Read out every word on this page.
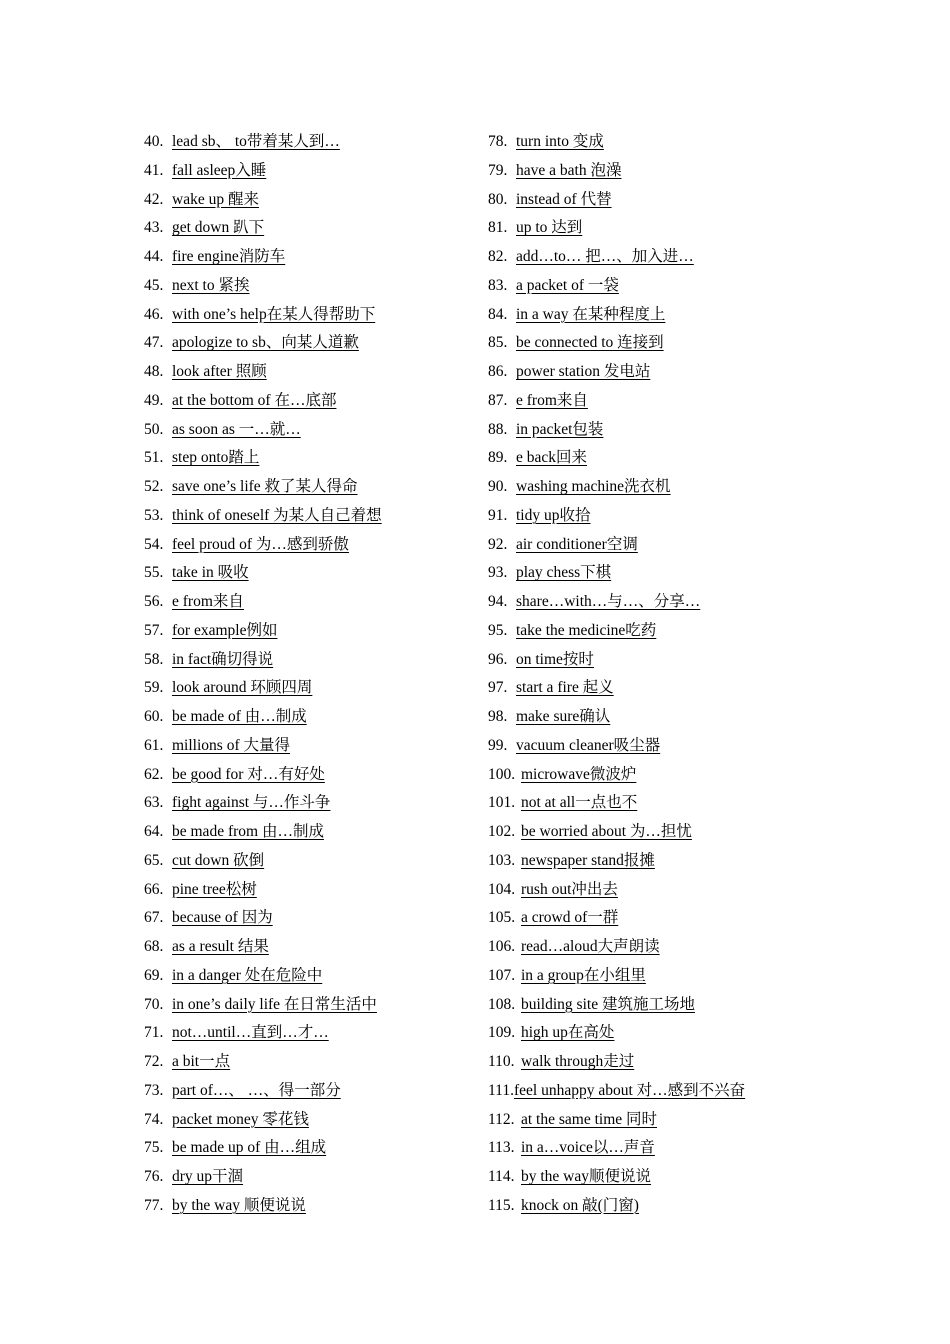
40. lead sb、 to带着某人到…
41. fall asleep入睡
42. wake up 醒来
43. get down 趴下
44. fire engine消防车
45. next to 紧挨
46. with one’s help在某人得帮助下
47. apologize to sb、向某人道歉
48. look after 照顾
49. at the bottom of 在…底部
50. as soon as 一…就…
51. step onto踏上
52. save one’s life 救了某人得命
53. think of oneself 为某人自己着想
54. feel proud of 为…感到骄傲
55. take in 吸收
56. e from来自
57. for example例如
58. in fact确切得说
59. look around 环顾四周
60. be made of 由…制成
61. millions of 大量得
62. be good for 对…有好处
63. fight against 与…作斗争
64. be made from 由…制成
65. cut down 砍倒
66. pine tree松树
67. because of 因为
68. as a result 结果
69. in a danger 处在危险中
70. in one’s daily life 在日常生活中
71. not…until…直到…才…
72. a bit一点
73. part of…、 …、得一部分
74. packet money 零花钱
75. be made up of 由…组成
76. dry up干涸
77. by the way 顺便说说
78. turn into 变成
79. have a bath 泡澡
80. instead of 代替
81. up to 达到
82. add…to… 把…、加入进…
83. a packet of 一袋
84. in a way 在某种程度上
85. be connected to 连接到
86. power station 发电站
87. e from来自
88. in packet包装
89. e back回来
90. washing machine洗衣机
91. tidy up收拾
92. air conditioner空调
93. play chess下棋
94. share…with…与…、分享…
95. take the medicine吃药
96. on time按时
97. start a fire 起义
98. make sure确认
99. vacuum cleaner吸尘器
100. microwave微波炉
101. not at all一点也不
102. be worried about 为…担忧
103. newspaper stand报摊
104. rush out冲出去
105. a crowd of一群
106. read…aloud大声朗读
107. in a group在小组里
108. building site 建筑施工场地
109. high up在高处
110. walk through走过
111.feel unhappy about 对…感到不兴奋
112. at the same time 同时
113. in a…voice以…声音
114. by the way顺便说说
115. knock on 敲(门窗)
